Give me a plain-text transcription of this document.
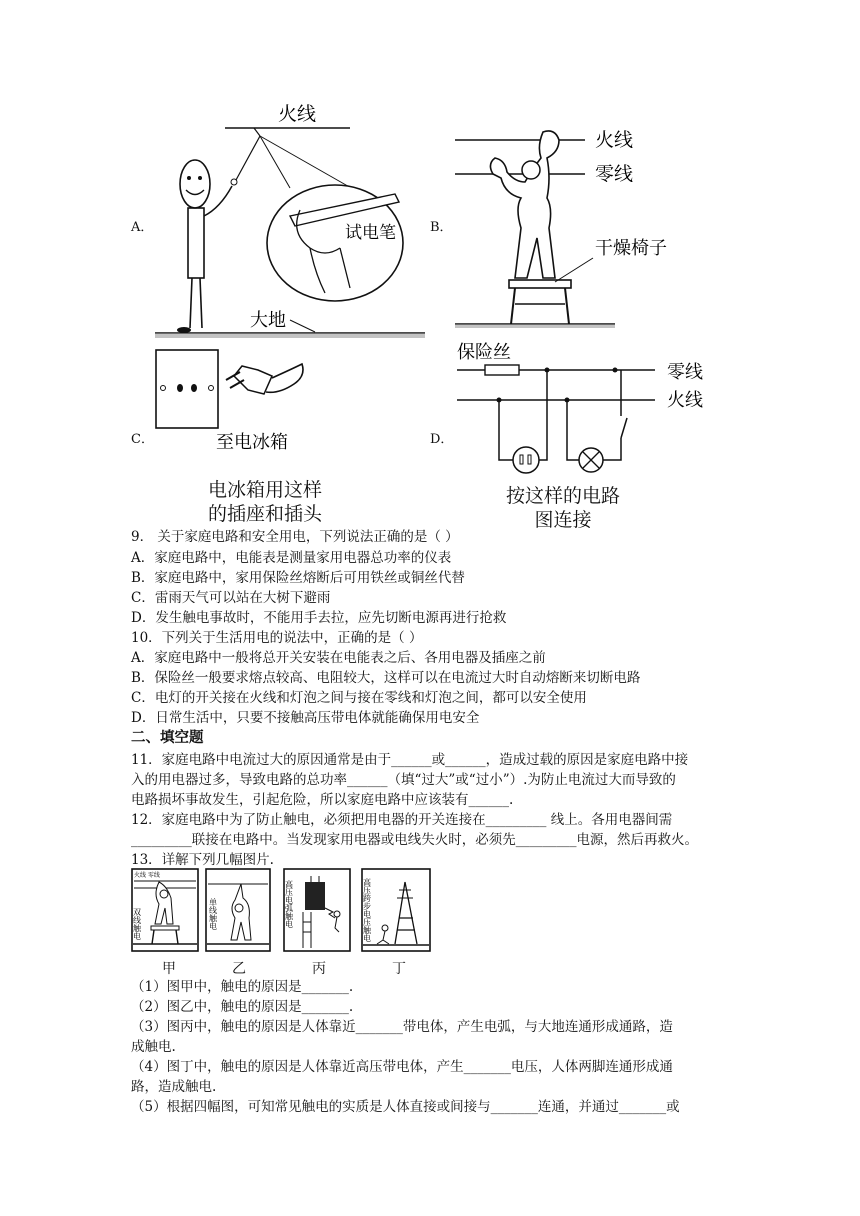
A．
火线
试电笔
大地
B．
火线
零线
干燥椅子
C．	至电冰箱
电冰箱用这样
的插座和插头
D．
保险丝
零线
火线
按这样的电路
图连接
9． 关于家庭电路和安全用电，下列说法正确的是（ ）
A．家庭电路中，电能表是测量家用电器总功率的仪表
B．家庭电路中，家用保险丝熔断后可用铁丝或铜丝代替
C．雷雨天气可以站在大树下避雨
D．发生触电事故时，不能用手去拉，应先切断电源再进行抢救
10．下列关于生活用电的说法中，正确的是（ ）
A．家庭电路中一般将总开关安装在电能表之后、各用电器及插座之前
B．保险丝一般要求熔点较高、电阻较大，这样可以在电流过大时自动熔断来切断电路
C．电灯的开关接在火线和灯泡之间与接在零线和灯泡之间，都可以安全使用
D．日常生活中，只要不接触高压带电体就能确保用电安全
二、填空题
11．家庭电路中电流过大的原因通常是由于______或______，造成过载的原因是家庭电路中接
入的用电器过多，导致电路的总功率______（填“过大”或“过小”）.为防止电流过大而导致的
电路损坏事故发生，引起危险，所以家庭电路中应该装有______.
12．家庭电路中为了防止触电，必须把用电器的开关连接在_________ 线上。各用电器间需
_________联接在电路中。当发现家用电器或电线失火时，必须先_________电源，然后再救火。
13．详解下列几幅图片.
火线 零线
双线触电	单线触电	高压电弧触电	高压跨步电压触电
甲	乙	丙	丁
（1）图甲中，触电的原因是_______.
（2）图乙中，触电的原因是_______.
（3）图丙中，触电的原因是人体靠近_______带电体，产生电弧，与大地连通形成通路，造
成触电.
（4）图丁中，触电的原因是人体靠近高压带电体，产生_______电压，人体两脚连通形成通
路，造成触电.
（5）根据四幅图，可知常见触电的实质是人体直接或间接与_______连通，并通过_______或
